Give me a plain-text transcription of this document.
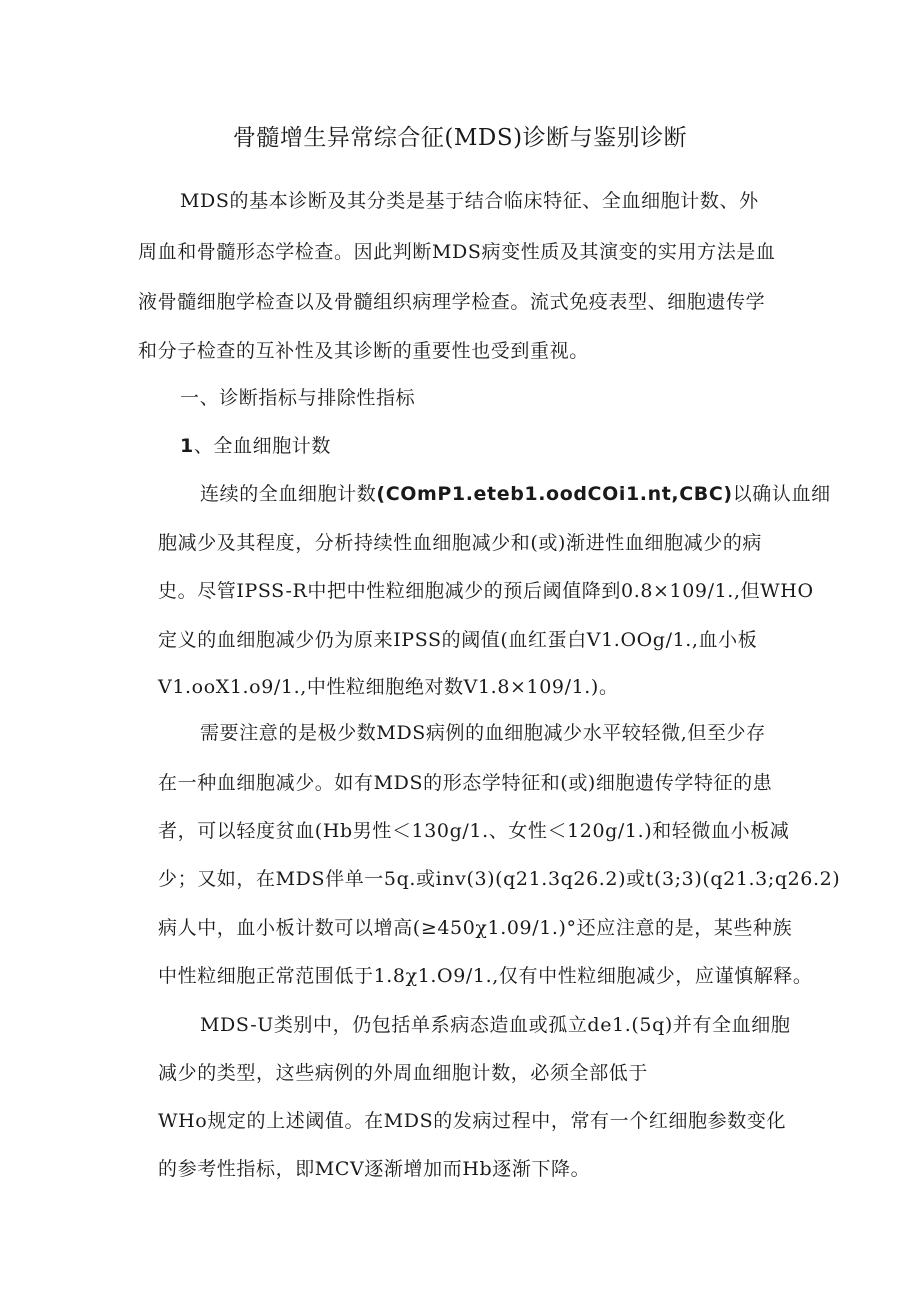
骨髓增生异常综合征(MDS)诊断与鉴别诊断
MDS的基本诊断及其分类是基于结合临床特征、全血细胞计数、外
周血和骨髓形态学检查。因此判断MDS病变性质及其演变的实用方法是血
液骨髓细胞学检查以及骨髓组织病理学检查。流式免疫表型、细胞遗传学
和分子检查的互补性及其诊断的重要性也受到重视。
一、诊断指标与排除性指标
1、全血细胞计数
连续的全血细胞计数(COmP1.eteb1.oodCOi1.nt,CBC)以确认血细
胞减少及其程度，分析持续性血细胞减少和(或)渐进性血细胞减少的病
史。尽管IPSS-R中把中性粒细胞减少的预后阈值降到0.8×109∕1.,但WHO
定义的血细胞减少仍为原来IPSS的阈值(血红蛋白V1.OOg/1.,血小板
V1.ooX1.o9/1.,中性粒细胞绝对数V1.8×109∕1.)。
需要注意的是极少数MDS病例的血细胞减少水平较轻微,但至少存
在一种血细胞减少。如有MDS的形态学特征和(或)细胞遗传学特征的患
者，可以轻度贫血(Hb男性＜130g/1.、女性＜120g∕1.)和轻微血小板减
少；又如，在MDS伴单一5q.或inv(3)(q21.3q26.2)或t(3;3)(q21.3;q26.2)
病人中，血小板计数可以增高(≥450χ1.09∕1.)°还应注意的是，某些种族
中性粒细胞正常范围低于1.8χ1.O9∕1.,仅有中性粒细胞减少，应谨慎解释。
MDS-U类别中，仍包括单系病态造血或孤立de1.(5q)并有全血细胞
减少的类型，这些病例的外周血细胞计数，必须全部低于
WHo规定的上述阈值。在MDS的发病过程中，常有一个红细胞参数变化
的参考性指标，即MCV逐渐增加而Hb逐渐下降。
